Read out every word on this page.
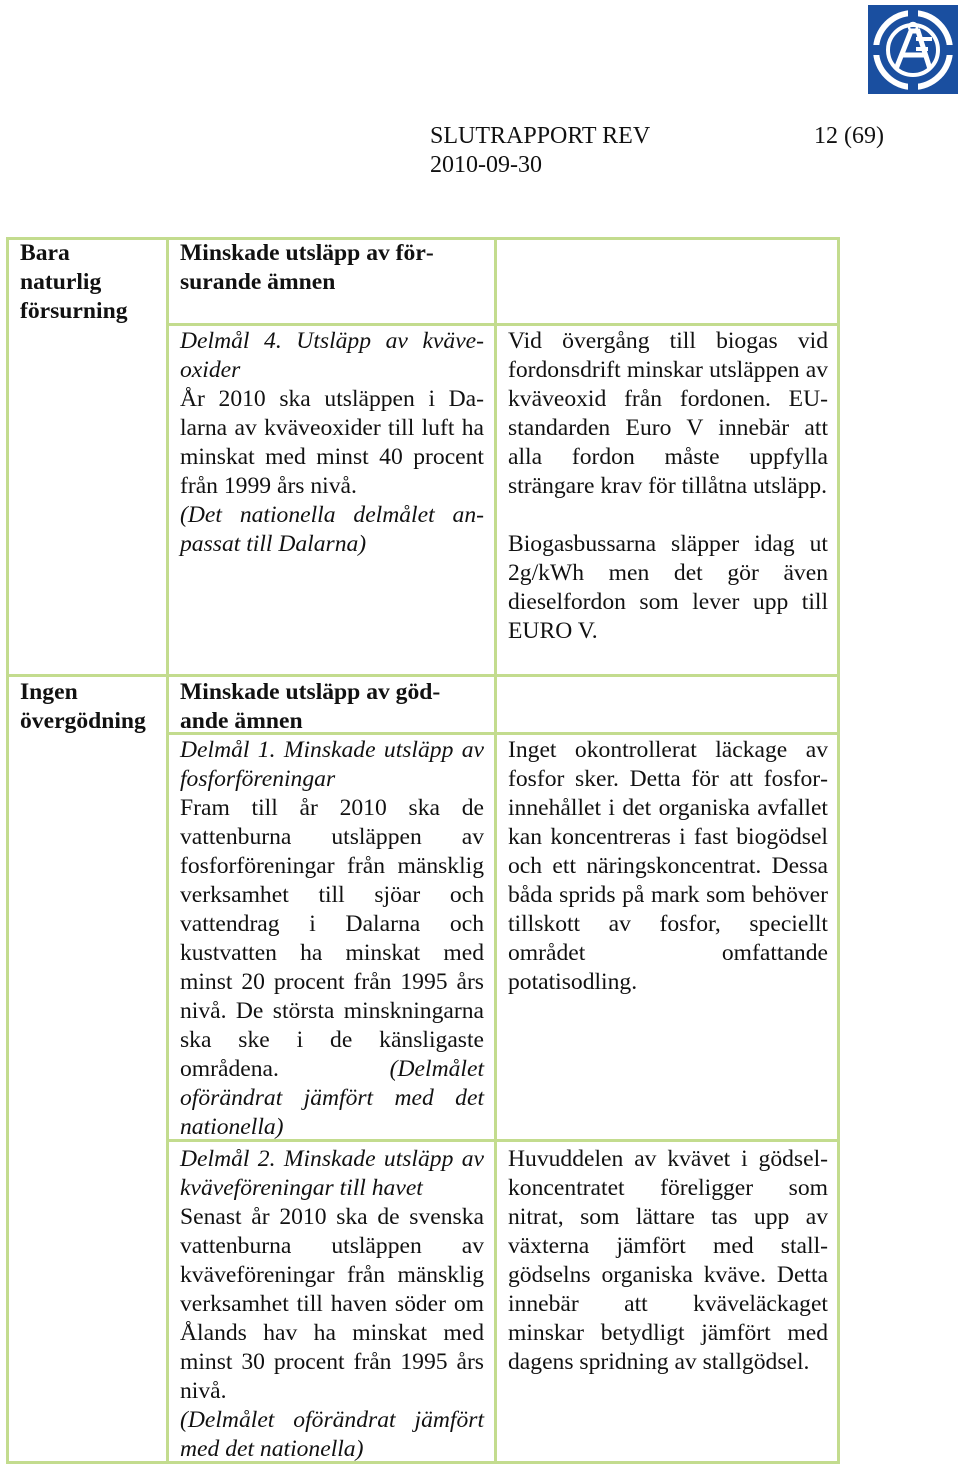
SLUTRAPPORT REV	12 (69)
2010-09-30
Bara
naturlig
försurning
Minskade utsläpp av försurande ämnen
Delmål 4. Utsläpp av kväveoxider
År 2010 ska utsläppen i Dalarna av kväveoxider till luft ha minskat med minst 40 procent från 1999 års nivå.
(Det nationella delmålet anpassat till Dalarna)
Vid övergång till biogas vid fordonsdrift minskar utsläppen av kväveoxid från fordonen. EU-standarden Euro V innebär att alla fordon måste uppfylla strängare krav för tillåtna utsläpp.
Biogasbussarna släpper idag ut 2g/kWh men det gör även dieselfordon som lever upp till EURO V.
Ingen
övergödning
Minskade utsläpp av gödande ämnen
Delmål 1. Minskade utsläpp av fosforföreningar
Fram till år 2010 ska de vattenburna utsläppen av fosforföreningar från mänsklig verksamhet till sjöar och vattendrag i Dalarna och kustvatten ha minskat med minst 20 procent från 1995 års nivå. De största minskningarna ska ske i de känsligaste områdena.	(Delmålet oförändrat jämfört med det nationella)
Inget okontrollerat läckage av fosfor sker. Detta för att fosforinnehållet i det organiska avfallet kan koncentreras i fast biogödsel och ett näringskoncentrat. Dessa båda sprids på mark som behöver tillskott av fosfor, speciellt området omfattande potatisodling.
Delmål 2. Minskade utsläpp av kväveföreningar till havet
Senast år 2010 ska de svenska vattenburna utsläppen av kväveföreningar från mänsklig verksamhet till haven söder om Ålands hav ha minskat med minst 30 procent från 1995 års nivå.
(Delmålet oförändrat jämfört med det nationella)
Huvuddelen av kvävet i gödselkoncentratet föreligger som nitrat, som lättare tas upp av växterna jämfört med stallgödselns organiska kväve. Detta innebär att kväveläckaget minskar betydligt jämfört med dagens spridning av stallgödsel.
